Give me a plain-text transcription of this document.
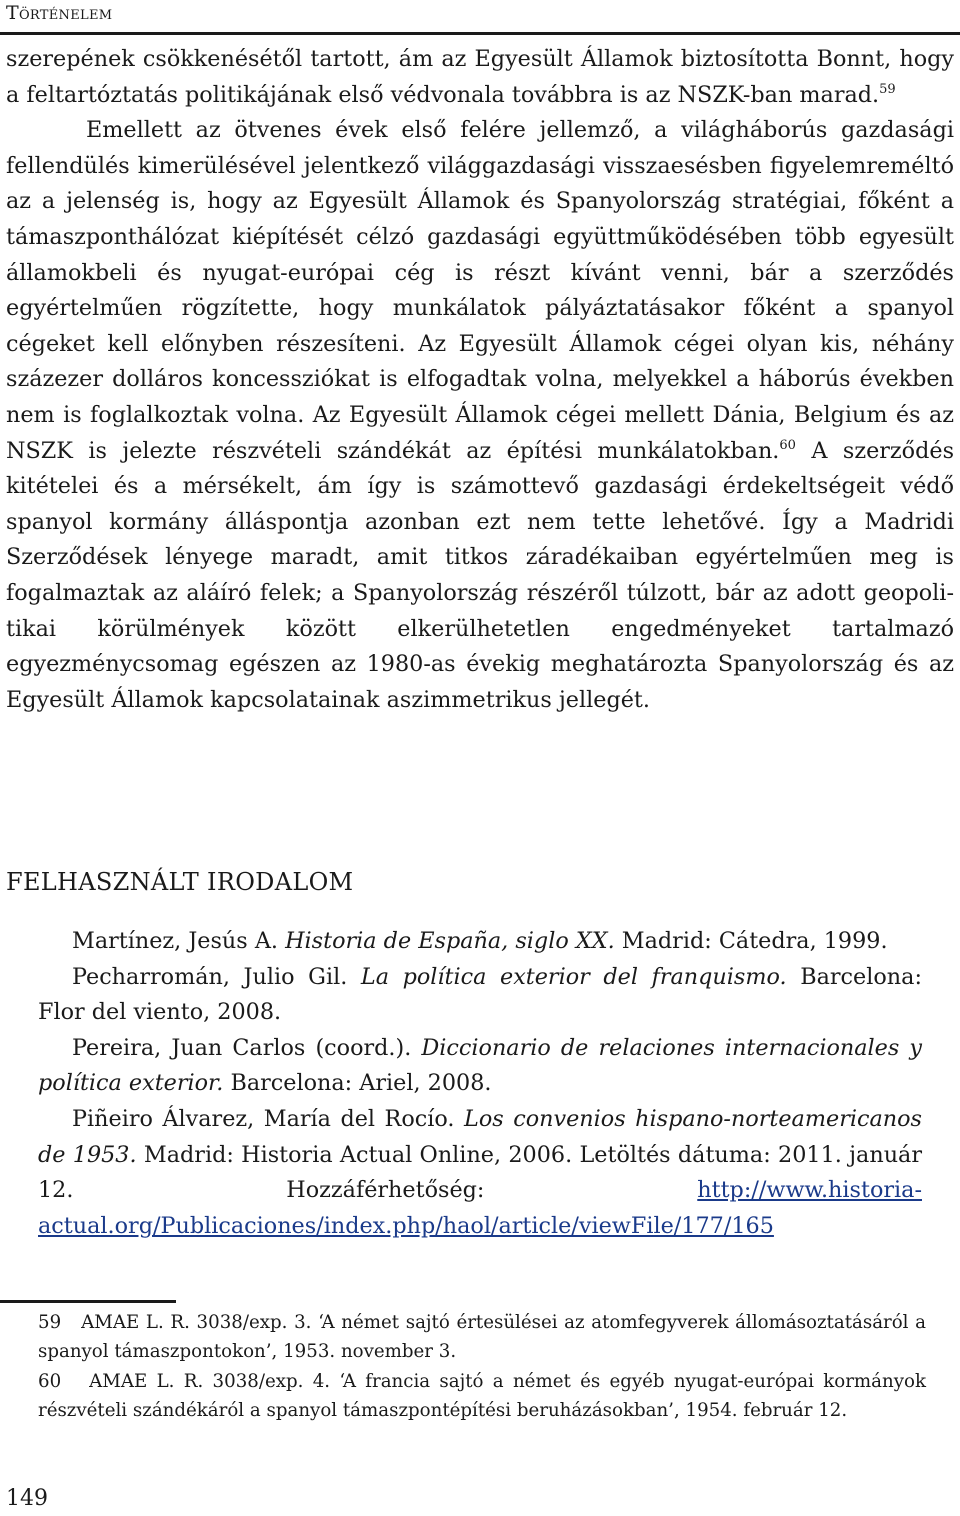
Történelem

szerepének csökkenésétől tartott, ám az Egyesült Államok biztosította Bonnt, hogy a feltartóztatás politikájának első védvonala továbbra is az NSZK-ban marad.$^{59}$

Emellett az ötvenes évek első felére jellemző, a világháborús gazdasági fellendülés kimerülésével jelentkező világgazdasági visszaesésben figyelemreméltó az a jelenség is, hogy az Egyesült Államok és Spanyolország stratégiai, főként a támaszponthálózat kiépítését célzó gazdasági együttműködésében több egyesült államokbeli és nyugat-európai cég is részt kívánt venni, bár a szerződés egyértelműen rögzítette, hogy munkálatok pályáztatásakor főként a spanyol cégeket kell előnyben részesíteni. Az Egyesült Államok cégei olyan kis, néhány százezer dolláros koncessziókat is elfogadtak volna, melyekkel a háborús években nem is foglalkoztak volna. Az Egyesült Államok cégei mellett Dánia, Belgium és az NSZK is jelezte részvételi szándékát az építési munkálatokban.$^{60}$ A szerződés kitételei és a mérsékelt, ám így is számottevő gazdasági érdekeltségeit védő spanyol kormány álláspontja azonban ezt nem tette lehetővé. Így a Madridi Szerződések lényege maradt, amit titkos záradékaiban egyértelműen meg is fogalmaztak az aláíró felek; a Spanyolország részéről túlzott, bár az adott geopolitikai körülmények között elkerülhetetlen engedményeket tartalmazó egyezménycsomag egészen az 1980-as évekig meghatározta Spanyolország és az Egyesült Államok kapcsolatainak aszimmetrikus jellegét.

FELHASZNÁLT IRODALOM

Martínez, Jesús A. Historia de España, siglo XX. Madrid: Cátedra, 1999.

Pecharromán, Julio Gil. La política exterior del franquismo. Barcelona: Flor del viento, 2008.

Pereira, Juan Carlos (coord.). Diccionario de relaciones internacionales y política exterior. Barcelona: Ariel, 2008.

Piñeiro Álvarez, María del Rocío. Los convenios hispano-norteamericanos de 1953. Madrid: Historia Actual Online, 2006. Letöltés dátuma: 2011. január 12. Hozzáférhetőség:	http://www.historia-actual.org/Publicaciones/index.php/haol/article/viewFile/177/165

59 AMAE L. R. 3038/exp. 3. ‘A német sajtó értesülései az atomfegyverek állomásoztatásáról a spanyol támaszpontokon’, 1953. november 3.

60 AMAE L. R. 3038/exp. 4. ‘A francia sajtó a német és egyéb nyugat-európai kormányok részvételi szándékáról a spanyol támaszpontépítési beruházásokban’, 1954. február 12.

149
